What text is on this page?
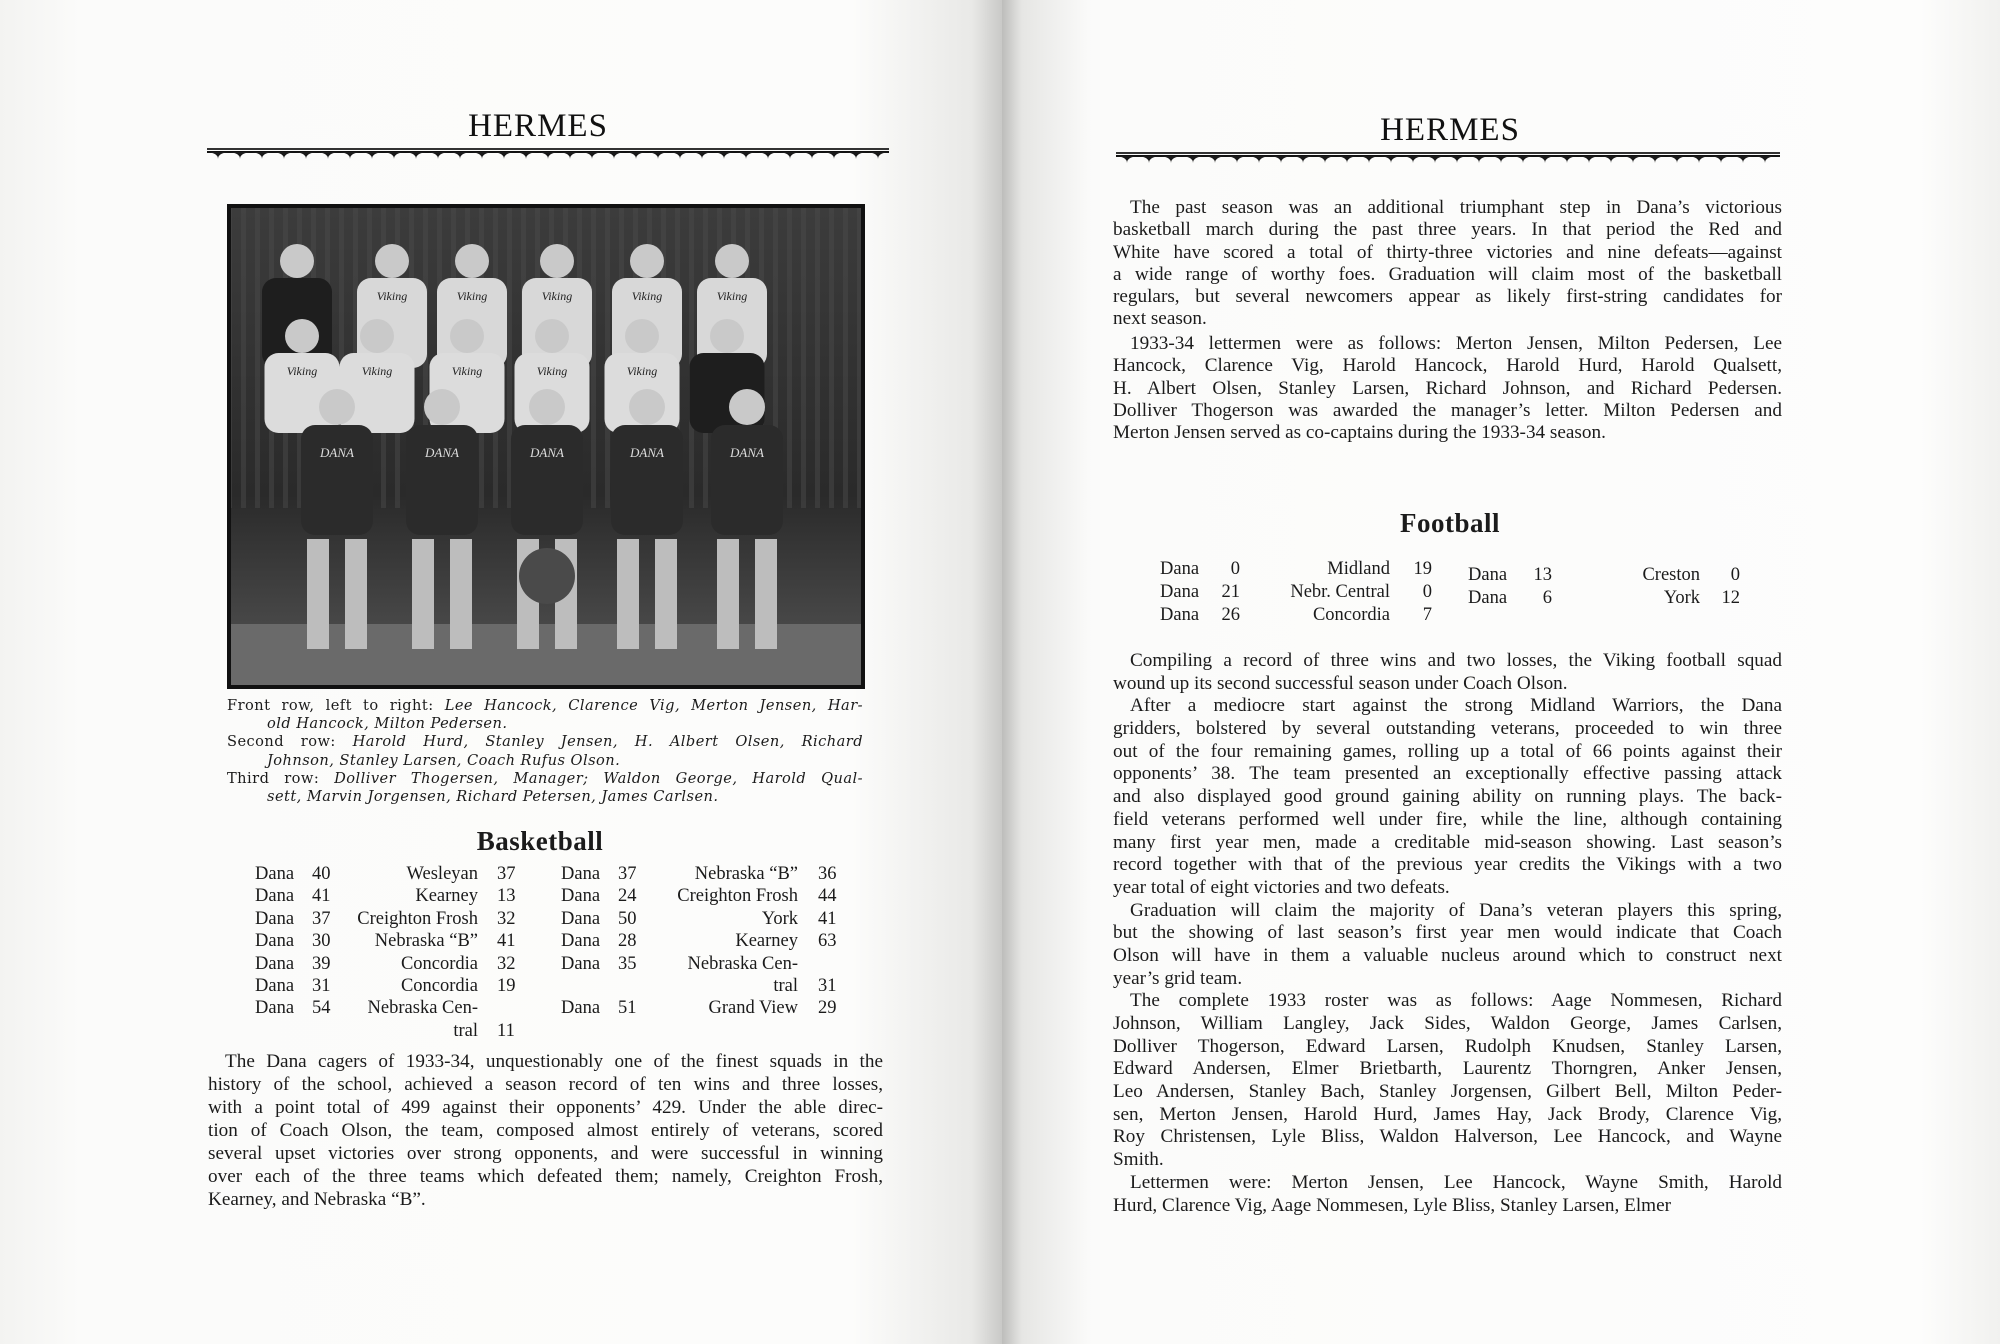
HERMES	HERMES
Viking	Viking	Viking	Viking	Viking
Viking	Viking	Viking	Viking	Viking
DANA	DANA	DANA	DANA	DANA
Front row, left to right: Lee Hancock, Clarence Vig, Merton Jensen, Har-
old Hancock, Milton Pedersen.
Second row: Harold Hurd, Stanley Jensen, H. Albert Olsen, Richard
Johnson, Stanley Larsen, Coach Rufus Olson.
Third row: Dolliver Thogersen, Manager; Waldon George, Harold Qual-
sett, Marvin Jorgensen, Richard Petersen, James Carlsen.
Basketball
Dana 40	Wesleyan 37
Dana 41	Kearney 13
Dana 37	Creighton Frosh 32
Dana 30	Nebraska “B” 41
Dana 39	Concordia 32
Dana 31	Concordia 19
Dana 54	Nebraska Cen-
tral 11
Dana 37	Nebraska “B” 36
Dana 24	Creighton Frosh 44
Dana 50	York 41
Dana 28	Kearney 63
Dana 35	Nebraska Cen-
tral 31
Dana 51	Grand View 29
The Dana cagers of 1933-34, unquestionably one of the finest squads in the
history of the school, achieved a season record of ten wins and three losses,
with a point total of 499 against their opponents’ 429. Under the able direc-
tion of Coach Olson, the team, composed almost entirely of veterans, scored
several upset victories over strong opponents, and were successful in winning
over each of the three teams which defeated them; namely, Creighton Frosh,
Kearney, and Nebraska “B”.
The past season was an additional triumphant step in Dana’s victorious
basketball march during the past three years. In that period the Red and
White have scored a total of thirty-three victories and nine defeats—against
a wide range of worthy foes. Graduation will claim most of the basketball
regulars, but several newcomers appear as likely first-string candidates for
next season.
1933-34 lettermen were as follows: Merton Jensen, Milton Pedersen, Lee
Hancock, Clarence Vig, Harold Hancock, Harold Hurd, Harold Qualsett,
H. Albert Olsen, Stanley Larsen, Richard Johnson, and Richard Pedersen.
Dolliver Thogerson was awarded the manager’s letter. Milton Pedersen and
Merton Jensen served as co-captains during the 1933-34 season.
Football
Dana	0	Midland	19
Dana	21	Nebr. Central	0
Dana	26	Concordia	7
Dana	13	Creston	0
Dana	6	York	12
Compiling a record of three wins and two losses, the Viking football squad
wound up its second successful season under Coach Olson.
After a mediocre start against the strong Midland Warriors, the Dana
gridders, bolstered by several outstanding veterans, proceeded to win three
out of the four remaining games, rolling up a total of 66 points against their
opponents’ 38. The team presented an exceptionally effective passing attack
and also displayed good ground gaining ability on running plays. The back-
field veterans performed well under fire, while the line, although containing
many first year men, made a creditable mid-season showing. Last season’s
record together with that of the previous year credits the Vikings with a two
year total of eight victories and two defeats.
Graduation will claim the majority of Dana’s veteran players this spring,
but the showing of last season’s first year men would indicate that Coach
Olson will have in them a valuable nucleus around which to construct next
year’s grid team.
The complete 1933 roster was as follows: Aage Nommesen, Richard
Johnson, William Langley, Jack Sides, Waldon George, James Carlsen,
Dolliver Thogerson, Edward Larsen, Rudolph Knudsen, Stanley Larsen,
Edward Andersen, Elmer Brietbarth, Laurentz Thorngren, Anker Jensen,
Leo Andersen, Stanley Bach, Stanley Jorgensen, Gilbert Bell, Milton Peder-
sen, Merton Jensen, Harold Hurd, James Hay, Jack Brody, Clarence Vig,
Roy Christensen, Lyle Bliss, Waldon Halverson, Lee Hancock, and Wayne
Smith.
Lettermen were: Merton Jensen, Lee Hancock, Wayne Smith, Harold
Hurd, Clarence Vig, Aage Nommesen, Lyle Bliss, Stanley Larsen, Elmer
